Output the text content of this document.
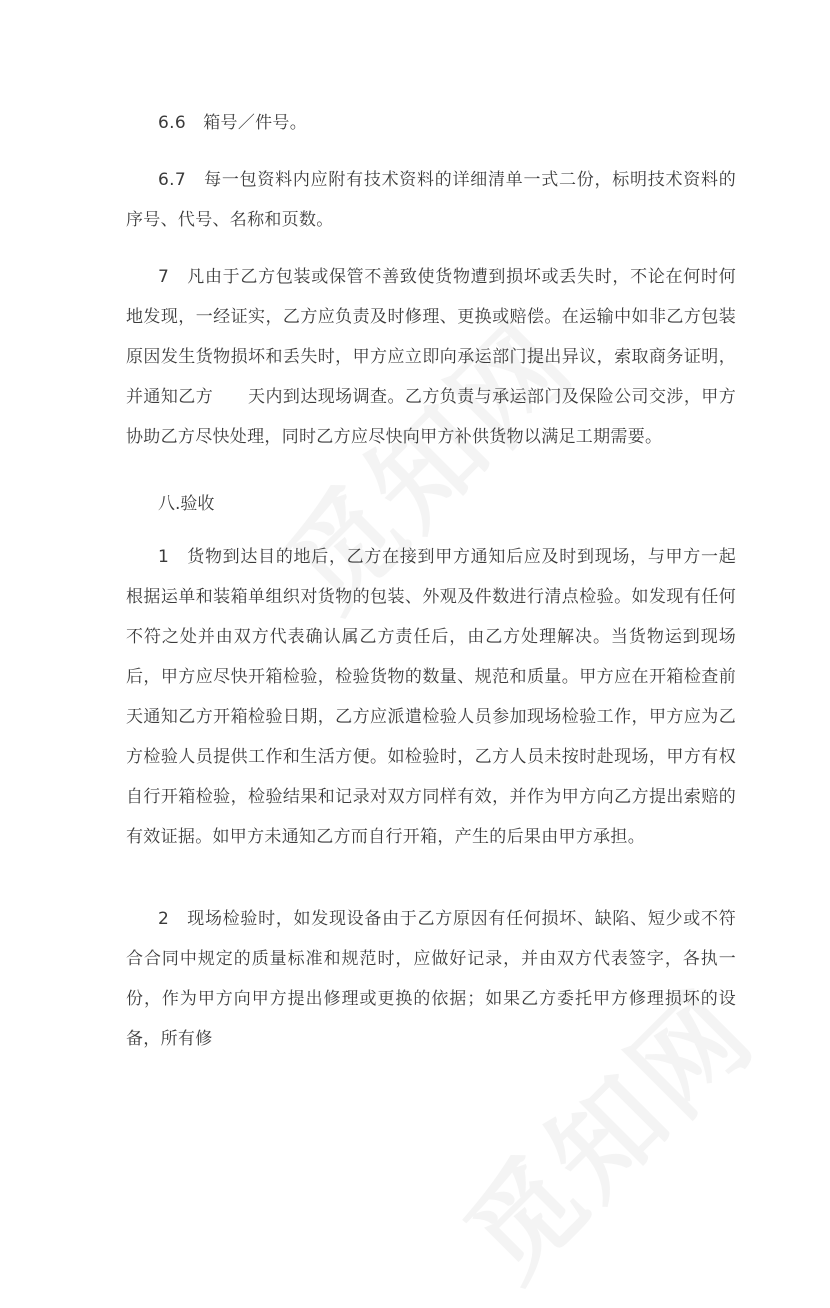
6.6　箱号／件号。

6.7　每一包资料内应附有技术资料的详细清单一式二份，标明技术资料的序号、代号、名称和页数。

7　凡由于乙方包装或保管不善致使货物遭到损坏或丢失时，不论在何时何地发现，一经证实，乙方应负责及时修理、更换或赔偿。在运输中如非乙方包装原因发生货物损坏和丢失时，甲方应立即向承运部门提出异议，索取商务证明，并通知乙方　　天内到达现场调查。乙方负责与承运部门及保险公司交涉，甲方协助乙方尽快处理，同时乙方应尽快向甲方补供货物以满足工期需要。

八.验收

1　货物到达目的地后，乙方在接到甲方通知后应及时到现场，与甲方一起根据运单和装箱单组织对货物的包装、外观及件数进行清点检验。如发现有任何不符之处并由双方代表确认属乙方责任后，由乙方处理解决。当货物运到现场后，甲方应尽快开箱检验，检验货物的数量、规范和质量。甲方应在开箱检查前　天通知乙方开箱检验日期，乙方应派遣检验人员参加现场检验工作，甲方应为乙方检验人员提供工作和生活方便。如检验时，乙方人员未按时赴现场，甲方有权自行开箱检验，检验结果和记录对双方同样有效，并作为甲方向乙方提出索赔的有效证据。如甲方未通知乙方而自行开箱，产生的后果由甲方承担。

2　现场检验时，如发现设备由于乙方原因有任何损坏、缺陷、短少或不符合合同中规定的质量标准和规范时，应做好记录，并由双方代表签字，各执一份，作为甲方向甲方提出修理或更换的依据；如果乙方委托甲方修理损坏的设备，所有修
